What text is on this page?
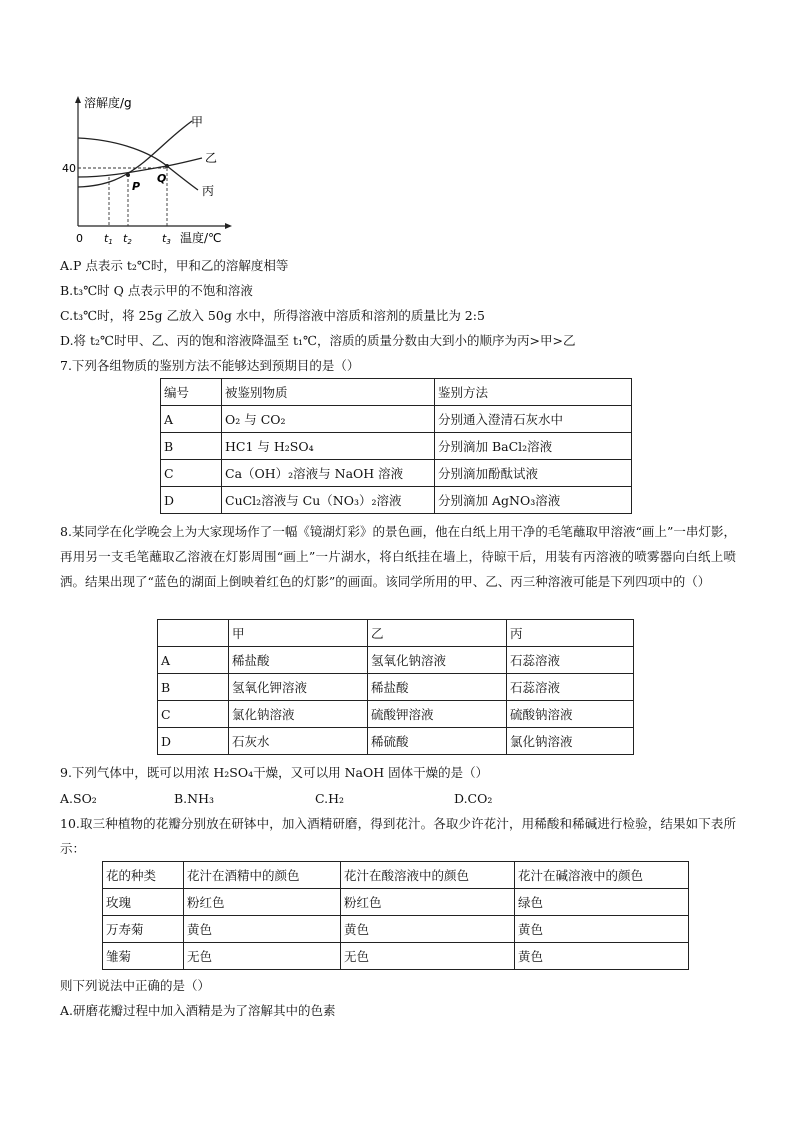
溶解度/g
40
0 t1 t2	t3 温度/℃
甲
乙
丙
P
Q
A.P 点表示 t₂℃时，甲和乙的溶解度相等
B.t₃℃时 Q 点表示甲的不饱和溶液
C.t₃℃时，将 25g 乙放入 50g 水中，所得溶液中溶质和溶剂的质量比为 2:5
D.将 t₂℃时甲、乙、丙的饱和溶液降温至 t₁℃，溶质的质量分数由大到小的顺序为丙>甲>乙
7.下列各组物质的鉴别方法不能够达到预期目的是（）
编号	被鉴别物质	鉴别方法
A	O₂ 与 CO₂	分别通入澄清石灰水中
B	HC1 与 H₂SO₄	分别滴加 BaCl₂溶液
C	Ca（OH）₂溶液与 NaOH 溶液	分别滴加酚酞试液
D	CuCl₂溶液与 Cu（NO₃）₂溶液	分别滴加 AgNO₃溶液
8.某同学在化学晚会上为大家现场作了一幅《镜湖灯彩》的景色画，他在白纸上用干净的毛笔蘸取甲溶液“画上”一串灯影，再用另一支毛笔蘸取乙溶液在灯影周围“画上”一片湖水，将白纸挂在墙上，待晾干后，用装有丙溶液的喷雾器向白纸上喷洒。结果出现了“蓝色的湖面上倒映着红色的灯影”的画面。该同学所用的甲、乙、丙三种溶液可能是下列四项中的（）
	甲	乙	丙
A	稀盐酸	氢氧化钠溶液	石蕊溶液
B	氢氧化钾溶液	稀盐酸	石蕊溶液
C	氯化钠溶液	硫酸钾溶液	硫酸钠溶液
D	石灰水	稀硫酸	氯化钠溶液
9.下列气体中，既可以用浓 H₂SO₄干燥，又可以用 NaOH 固体干燥的是（）
A.SO₂	B.NH₃	C.H₂	D.CO₂
10.取三种植物的花瓣分别放在研钵中，加入酒精研磨，得到花汁。各取少许花汁，用稀酸和稀碱进行检验，结果如下表所示：
花的种类	花汁在酒精中的颜色	花汁在酸溶液中的颜色	花汁在碱溶液中的颜色
玫瑰	粉红色	粉红色	绿色
万寿菊	黄色	黄色	黄色
雏菊	无色	无色	黄色
则下列说法中正确的是（）
A.研磨花瓣过程中加入酒精是为了溶解其中的色素
